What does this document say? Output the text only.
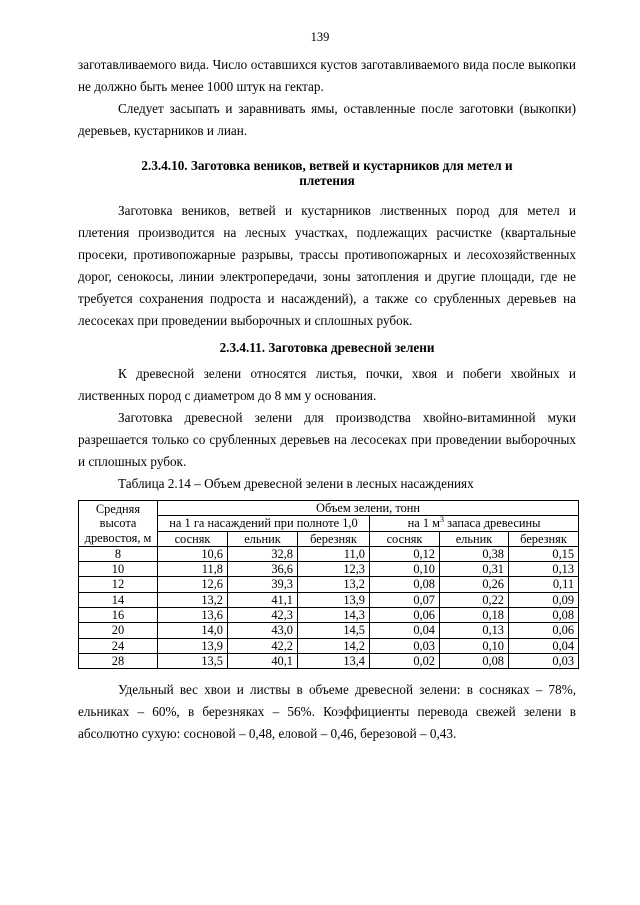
139

заготавливаемого вида. Число оставшихся кустов заготавливаемого вида после выкопки

не должно быть менее 1000 штук на гектар.

Следует засыпать и заравнивать ямы, оставленные после заготовки (выкопки) деревьев, кустарников и лиан.

2.3.4.10. Заготовка веников, ветвей и кустарников для метел и
плетения

Заготовка веников, ветвей и кустарников лиственных пород для метел и плетения производится на лесных участках, подлежащих расчистке (квартальные просеки, противопожарные разрывы, трассы противопожарных и лесохозяйственных дорог, сенокосы, линии электропередачи, зоны затопления и другие площади, где не требуется сохранения подроста и насаждений), а также со срубленных деревьев на лесосеках при проведении выборочных и сплошных рубок.

2.3.4.11. Заготовка древесной зелени

К древесной зелени относятся листья, почки, хвоя и побеги хвойных и лиственных пород с диаметром до 8 мм у основания.

Заготовка древесной зелени для производства хвойно-витаминной муки разрешается только со срубленных деревьев на лесосеках при проведении выборочных и сплошных рубок.

Таблица 2.14 – Объем древесной зелени в лесных насаждениях
Средняя высота древостоя, м	Объем зелени, тонн					
	на 1 га насаждений при полноте 1,0			на 1 $м^3$ запаса древесины		
	сосняк	ельник	березняк	сосняк	ельник	березняк
8	10,6	32,8	11,0	0,12	0,38	0,15
10	11,8	36,6	12,3	0,10	0,31	0,13
12	12,6	39,3	13,2	0,08	0,26	0,11
14	13,2	41,1	13,9	0,07	0,22	0,09
16	13,6	42,3	14,3	0,06	0,18	0,08
20	14,0	43,0	14,5	0,04	0,13	0,06
24	13,9	42,2	14,2	0,03	0,10	0,04
28	13,5	40,1	13,4	0,02	0,08	0,03

Удельный вес хвои и листвы в объеме древесной зелени: в сосняках – 78%, ельниках – 60%, в березняках – 56%. Коэффициенты перевода свежей зелени в абсолютно сухую: сосновой – 0,48, еловой – 0,46, березовой – 0,43.
